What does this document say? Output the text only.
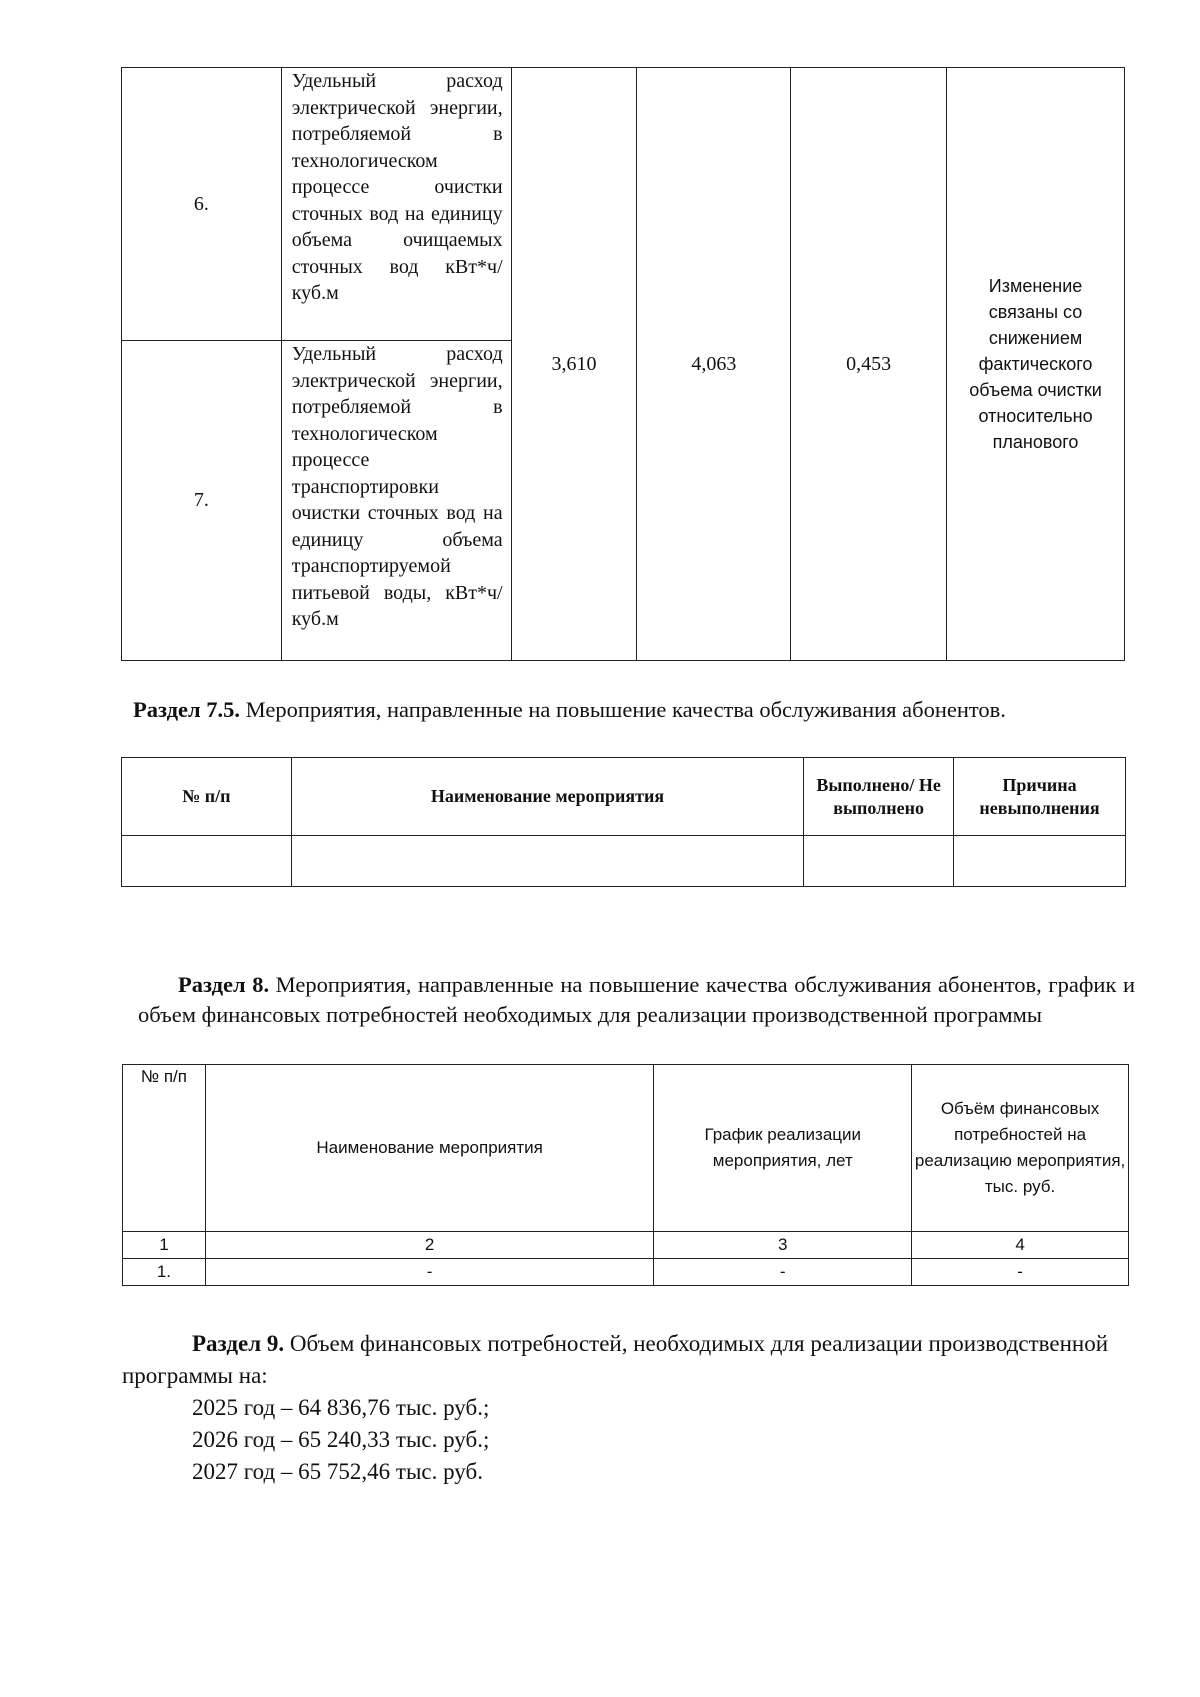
6.	Удельный расход электрической энергии, потребляемой в технологическом процессе очистки сточных вод на единицу объема очищаемых сточных вод кВт*ч/куб.м	3,610	4,063	0,453	Изменение связаны со снижением фактического объема очистки относительно планового
7.	Удельный расход электрической энергии, потребляемой в технологическом процессе транспортировки очистки сточных вод на единицу объема транспортируемой питьевой воды, кВт*ч/куб.м				
Раздел 7.5. Мероприятия, направленные на повышение качества обслуживания абонентов.
№ п/п	Наименование мероприятия	Выполнено/ Не выполнено	Причина невыполнения

Раздел 8. Мероприятия, направленные на повышение качества обслуживания абонентов, график и объем финансовых потребностей необходимых для реализации производственной программы
№ п/п	Наименование мероприятия	График реализации мероприятия, лет	Объём финансовых потребностей на реализацию мероприятия, тыс. руб.
1	2	3	4
1.	-	-	-
Раздел 9. Объем финансовых потребностей, необходимых для реализации производственной программы на:
2025 год – 64 836,76 тыс. руб.;
2026 год – 65 240,33 тыс. руб.;
2027 год – 65 752,46 тыс. руб.
